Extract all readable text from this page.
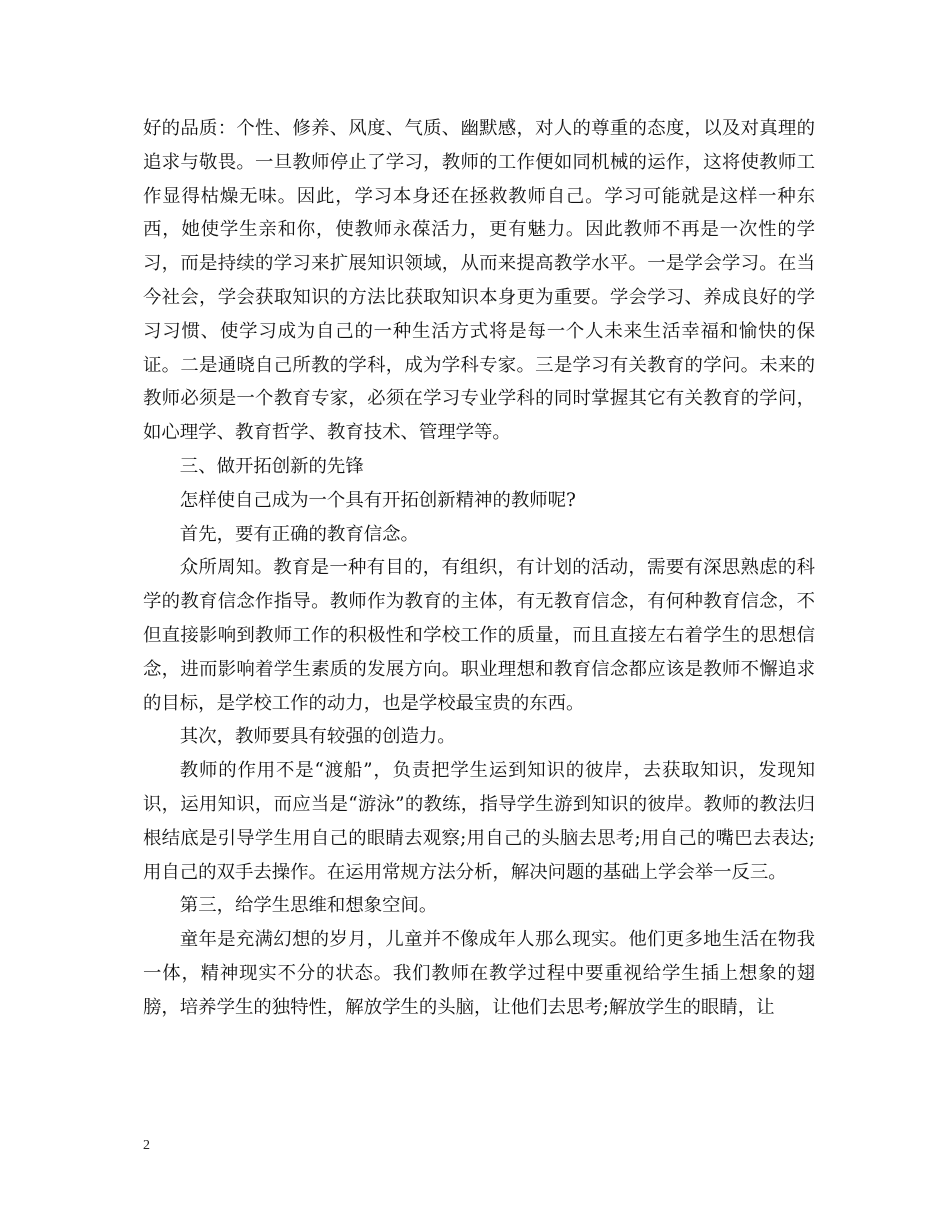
好的品质：个性、修养、风度、气质、幽默感，对人的尊重的态度，以及对真理的追求与敬畏。一旦教师停止了学习，教师的工作便如同机械的运作，这将使教师工作显得枯燥无味。因此，学习本身还在拯救教师自己。学习可能就是这样一种东西，她使学生亲和你，使教师永葆活力，更有魅力。因此教师不再是一次性的学习，而是持续的学习来扩展知识领域，从而来提高教学水平。一是学会学习。在当今社会，学会获取知识的方法比获取知识本身更为重要。学会学习、养成良好的学习习惯、使学习成为自己的一种生活方式将是每一个人未来生活幸福和愉快的保证。二是通晓自己所教的学科，成为学科专家。三是学习有关教育的学问。未来的教师必须是一个教育专家，必须在学习专业学科的同时掌握其它有关教育的学问，如心理学、教育哲学、教育技术、管理学等。

三、做开拓创新的先锋

怎样使自己成为一个具有开拓创新精神的教师呢?

首先，要有正确的教育信念。

众所周知。教育是一种有目的，有组织，有计划的活动，需要有深思熟虑的科学的教育信念作指导。教师作为教育的主体，有无教育信念，有何种教育信念，不但直接影响到教师工作的积极性和学校工作的质量，而且直接左右着学生的思想信念，进而影响着学生素质的发展方向。职业理想和教育信念都应该是教师不懈追求的目标，是学校工作的动力，也是学校最宝贵的东西。

其次，教师要具有较强的创造力。

教师的作用不是“渡船”，负责把学生运到知识的彼岸，去获取知识，发现知识，运用知识，而应当是“游泳”的教练，指导学生游到知识的彼岸。教师的教法归根结底是引导学生用自己的眼睛去观察;用自己的头脑去思考;用自己的嘴巴去表达;用自己的双手去操作。在运用常规方法分析，解决问题的基础上学会举一反三。

第三，给学生思维和想象空间。

童年是充满幻想的岁月，儿童并不像成年人那么现实。他们更多地生活在物我一体，精神现实不分的状态。我们教师在教学过程中要重视给学生插上想象的翅膀，培养学生的独特性，解放学生的头脑，让他们去思考;解放学生的眼睛，让

2
